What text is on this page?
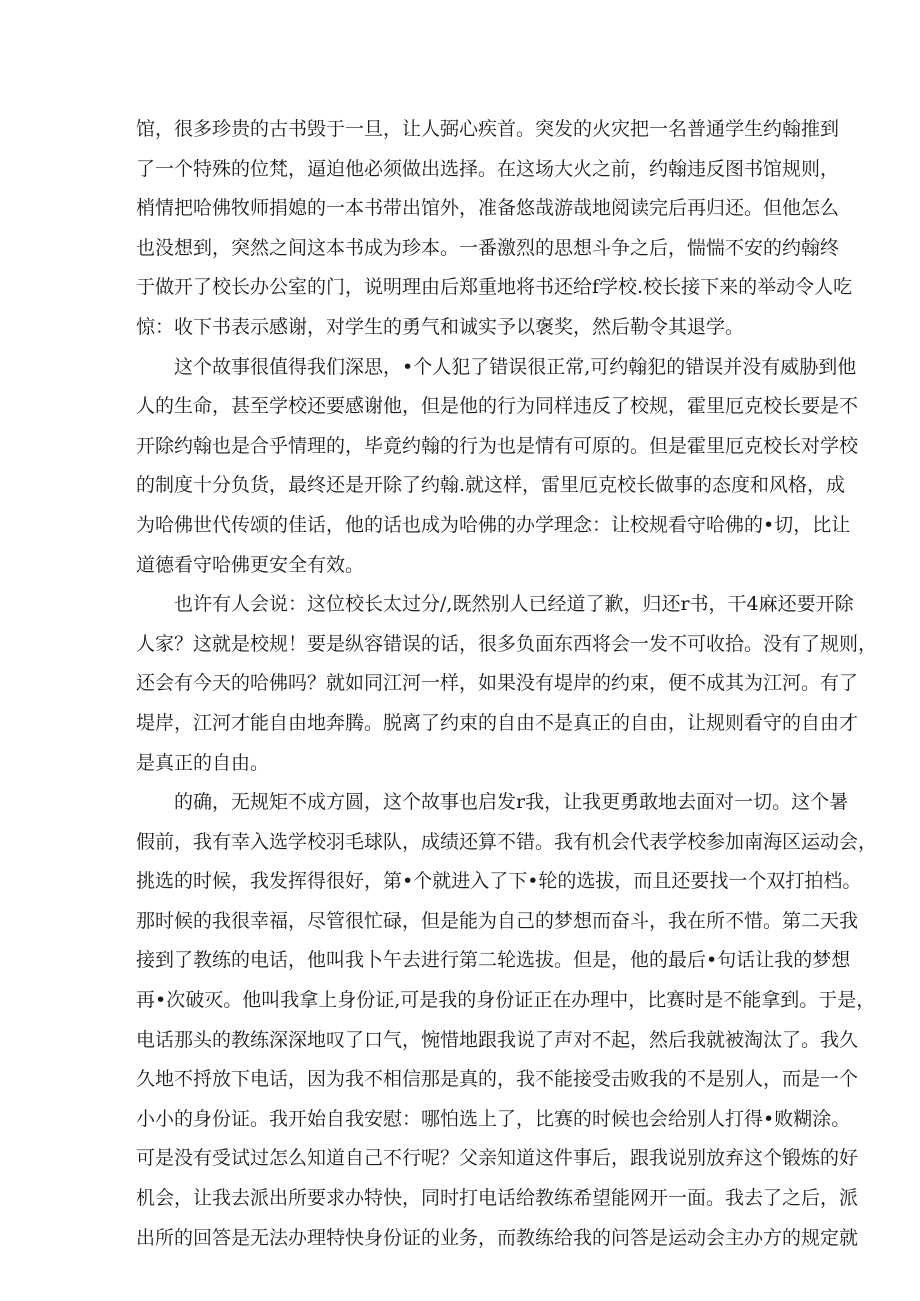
馆，很多珍贵的古书毁于一旦，让人弼心疾首。突发的火灾把一名普通学生约翰推到
了一个特殊的位梵，逼迫他必须做出选择。在这场大火之前，约翰违反图书馆规则，
梢情把哈佛牧师捐媳的一本书带出馆外，准备悠哉游哉地阅读完后再归还。但他怎么
也没想到，突然之间这本书成为珍本。一番激烈的思想斗争之后，惴惴不安的约翰终
于做开了校长办公室的门，说明理由后郑重地将书还给f学校.校长接下来的举动令人吃
惊：收下书表示感谢，对学生的勇气和诚实予以褒奖，然后勒令其退学。
这个故事很值得我们深思，•个人犯了错误很正常,可约翰犯的错误并没有威胁到他
人的生命，甚至学校还要感谢他，但是他的行为同样违反了校规，霍里厄克校长要是不
开除约翰也是合乎情理的，毕竟约翰的行为也是情有可原的。但是霍里厄克校长对学校
的制度十分负货，最终还是开除了约翰.就这样，雷里厄克校长做事的态度和风格，成
为哈佛世代传颂的佳话，他的话也成为哈佛的办学理念：让校规看守哈佛的•切，比让
道德看守哈佛更安全有效。
也许有人会说：这位校长太过分/,既然别人已经道了歉，归还r书，干4麻还要开除
人家？这就是校规！要是纵容错误的话，很多负面东西将会一发不可收拾。没有了规则，
还会有今天的哈佛吗？就如同江河一样，如果没有堤岸的约束，便不成其为江河。有了
堤岸，江河才能自由地奔腾。脱离了约束的自由不是真正的自由，让规则看守的自由才
是真正的自由。
的确，无规矩不成方圆，这个故事也启发r我，让我更勇敢地去面对一切。这个暑
假前，我有幸入选学校羽毛球队，成绩还算不错。我有机会代表学校参加南海区运动会，
挑选的时候，我发挥得很好，第•个就进入了下•轮的选拔，而且还要找一个双打拍档。
那时候的我很幸福，尽管很忙碌，但是能为自己的梦想而奋斗，我在所不惜。第二天我
接到了教练的电话，他叫我卜午去进行第二轮选拔。但是，他的最后•句话让我的梦想
再•次破灭。他叫我拿上身份证,可是我的身份证正在办理中，比赛时是不能拿到。于是，
电话那头的教练深深地叹了口气，惋惜地跟我说了声对不起，然后我就被淘汰了。我久
久地不捋放下电话，因为我不相信那是真的，我不能接受击败我的不是别人，而是一个
小小的身份证。我开始自我安慰：哪怕选上了，比赛的时候也会给别人打得•败糊涂。
可是没有受试过怎么知道自己不行呢？父亲知道这件事后，跟我说别放弃这个锻炼的好
机会，让我去派出所要求办特快，同时打电话给教练希望能网开一面。我去了之后，派
出所的回答是无法办理特快身份证的业务，而教练给我的问答是运动会主办方的规定就
